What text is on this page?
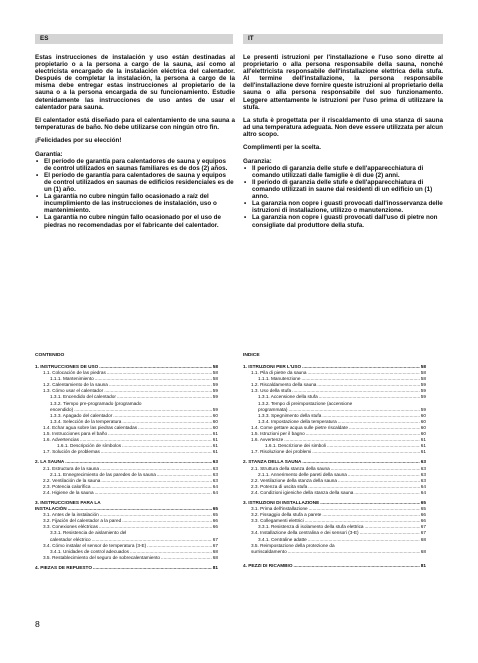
ES	IT

Estas instrucciones de instalación y uso están destinadas al propietario o a la persona a cargo de la sauna, así como al electricista encargado de la instalación eléctrica del calentador. Después de completar la instalación, la persona a cargo de la misma debe entregar estas instrucciones al propietario de la sauna o a la persona encargada de su funcionamiento. Estudie detenidamente las instrucciones de uso antes de usar el calentador para sauna.

El calentador está diseñado para el calentamiento de una sauna a temperaturas de baño. No debe utilizarse con ningún otro fin.

¡Felicidades por su elección!

Garantía:

• El período de garantía para calentadores de sauna y equipos de control utilizados en saunas familiares es de dos (2) años.
• El período de garantía para calentadores de sauna y equipos de control utilizados en saunas de edificios residenciales es de un (1) año.
• La garantía no cubre ningún fallo ocasionado a raíz del incumplimiento de las instrucciones de instalación, uso o mantenimiento.
• La garantía no cubre ningún fallo ocasionado por el uso de piedras no recomendadas por el fabricante del calentador.

Le presenti istruzioni per l'installazione e l'uso sono dirette al proprietario o alla persona responsabile della sauna, nonché all'elettricista responsabile dell'installazione elettrica della stufa. Al termine dell'installazione, la persona responsabile dell'installazione deve fornire queste istruzioni al proprietario della sauna o alla persona responsabile del suo funzionamento. Leggere attentamente le istruzioni per l'uso prima di utilizzare la stufa.

La stufa è progettata per il riscaldamento di una stanza di sauna ad una temperatura adeguata. Non deve essere utilizzata per alcun altro scopo.

Complimenti per la scelta.

Garanzia:

• Il periodo di garanzia delle stufe e dell'apparecchiatura di comando utilizzati dalle famiglie è di due (2) anni.
• Il periodo di garanzia delle stufe e dell'apparecchiatura di comando utilizzati in saune dai residenti di un edificio un (1) anno.
• La garanzia non copre i guasti provocati dall'inosservanza delle istruzioni di installazione, utilizzo o manutenzione.
• La garanzia non copre i guasti provocati dall'uso di pietre non consigliate dal produttore della stufa.
CONTENIDO	INDICE
1. INSTRUCCIONES DE USO .....	58
1.1. Colocación de las piedras .....	58
1.1.1. Mantenimiento .....	58
1.2. Calentamiento de la sauna .....	59
1.3. Cómo usar el calentador .....	59
1.3.1. Encendido del calentador .....	59
1.3.2. Tiempo pre-programado (programado
encendido) .....	59
1.3.3. Apagado del calentador .....	60
1.3.4. Selección de la temperatura .....	60
1.4. Echar agua sobre las piedras calentadas .....	60
1.5. Instrucciones para el baño .....	61
1.6. Advertencias .....	61
1.6.1. Descripción de símbolos .....	61
1.7. Solución de problemas .....	61
2. LA SAUNA .....	63
2.1. Estructura de la sauna .....	63
2.1.1. Ennegrecimiento de las paredes de la sauna .....	63
2.2. Ventilación de la sauna .....	63
2.3. Potencia calorífica .....	64
2.4. Higiene de la sauna .....	64
3. INSTRUCCIONES PARA LA
INSTALACIÓN .....	65
3.1. Antes de la instalación .....	65
3.2. Fijación del calentador a la pared .....	66
3.3. Conexiones eléctricas .....	66
3.3.1. Resistencia de aislamiento del
calentador eléctrico .....	67
3.4. Cómo instalar el sensor de temperatura (3-E) .....	67
3.4.1. Unidades de control adecuados .....	68
3.5. Restablecimiento del seguro de sobrecalentamiento .....	68
4. PIEZAS DE REPUESTO .....	81
1. ISTRUZIONI PER L'USO .....	58
1.1. Pila di pietre da sauna .....	58
1.1.1. Manutenzione .....	58
1.2. Riscaldamento della sauna .....	59
1.3. Uso della stufa .....	59
1.3.1. Accensione della stufa .....	59
1.3.2. Tempo di preimpostazione (accensione
programmata) .....	59
1.3.3. Spegnimento della stufa .....	60
1.3.4. Impostazione della temperatura .....	60
1.4. Come gettare acqua sulle pietre riscaldate .....	60
1.5. Istruzioni per il bagno .....	60
1.6. Avvertenze .....	61
1.6.1. Descrizione dei simboli .....	61
1.7. Risoluzione dei problemi .....	61
2. STANZA DELLA SAUNA .....	63
2.1. Struttura della stanza della sauna .....	63
2.1.1. Annerimento delle pareti della sauna .....	63
2.2. Ventilazione della stanza della sauna .....	63
2.3. Potenza di uscita stufa .....	64
2.4. Condizioni igieniche della stanza della sauna .....	64
3. ISTRUZIONI DI INSTALLAZIONE .....	65
3.1. Prima dell'installazione .....	65
3.2. Fissaggio della stufa a parete .....	66
3.3. Collegamenti elettrici .....	66
3.3.1. Resistenza di isolamento della stufa elettrica .....	67
3.4. Installazione della centralina e dei sensori (3-E) .....	67
3.4.1. Centraline adatte .....	68
3.5. Reimpostazione della protezione da
surriscaldamento .....	68
4. PEZZI DI RICAMBIO .....	81
8
